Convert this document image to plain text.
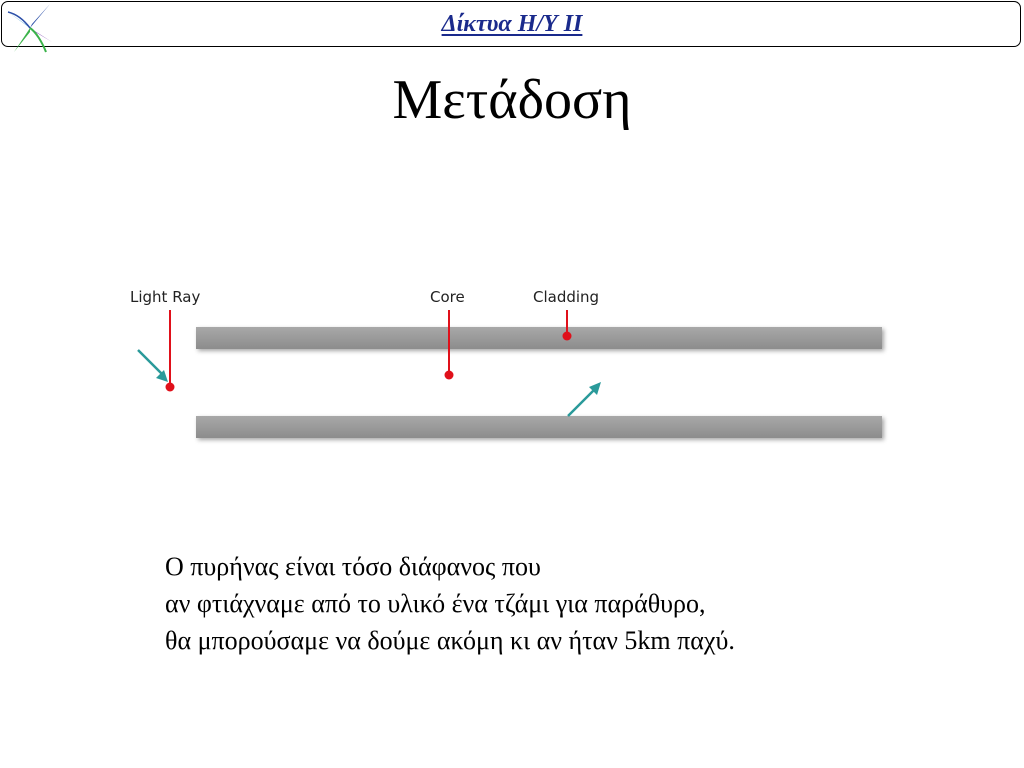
Δίκτυα Η/Υ ΙΙ
Μετάδοση
Light Ray	Core	Cladding
Ο πυρήνας είναι τόσο διάφανος που
αν φτιάχναμε από το υλικό ένα τζάμι για παράθυρο,
θα μπορούσαμε να δούμε ακόμη κι αν ήταν 5km παχύ.
